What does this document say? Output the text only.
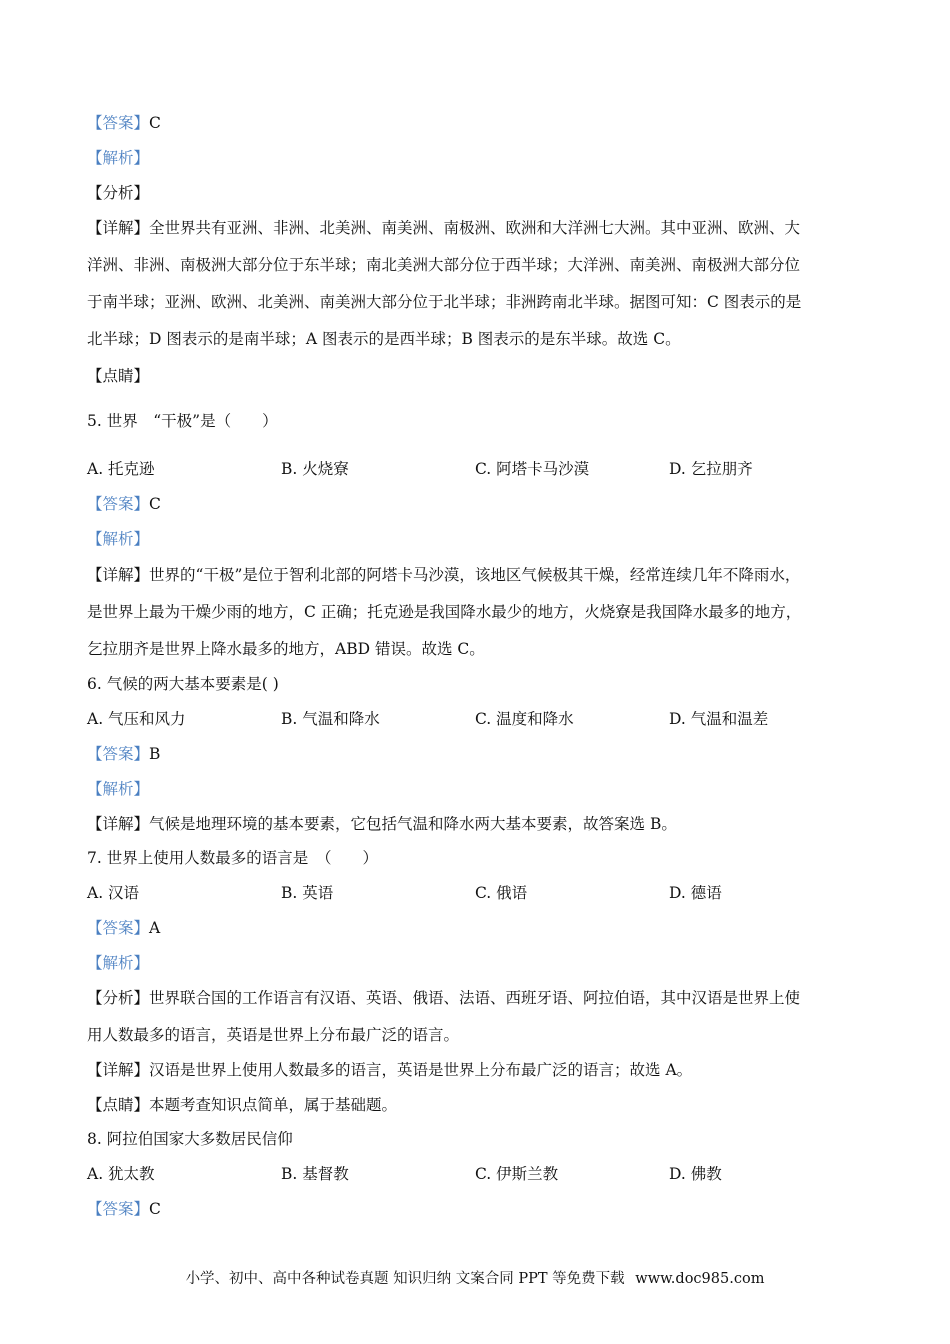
【答案】C
【解析】
【分析】
【详解】全世界共有亚洲、非洲、北美洲、南美洲、南极洲、欧洲和大洋洲七大洲。其中亚洲、欧洲、大
洋洲、非洲、南极洲大部分位于东半球；南北美洲大部分位于西半球；大洋洲、南美洲、南极洲大部分位
于南半球；亚洲、欧洲、北美洲、南美洲大部分位于北半球；非洲跨南北半球。据图可知：C 图表示的是
北半球；D 图表示的是南半球；A 图表示的是西半球；B 图表示的是东半球。故选 C。
【点睛】
5. 世界　“干极”是（　　）
A. 托克逊	B. 火烧寮	C. 阿塔卡马沙漠	D. 乞拉朋齐
【答案】C
【解析】
【详解】世界的“干极”是位于智利北部的阿塔卡马沙漠，该地区气候极其干燥，经常连续几年不降雨水，
是世界上最为干燥少雨的地方，C 正确；托克逊是我国降水最少的地方，火烧寮是我国降水最多的地方，
乞拉朋齐是世界上降水最多的地方，ABD 错误。故选 C。
6. 气候的两大基本要素是( )
A. 气压和风力	B. 气温和降水	C. 温度和降水	D. 气温和温差
【答案】B
【解析】
【详解】气候是地理环境的基本要素，它包括气温和降水两大基本要素，故答案选 B。
7. 世界上使用人数最多的语言是　（　　）
A. 汉语	B. 英语	C. 俄语	D. 德语
【答案】A
【解析】
【分析】世界联合国的工作语言有汉语、英语、俄语、法语、西班牙语、阿拉伯语，其中汉语是世界上使
用人数最多的语言，英语是世界上分布最广泛的语言。
【详解】汉语是世界上使用人数最多的语言，英语是世界上分布最广泛的语言；故选 A。
【点睛】本题考查知识点简单，属于基础题。
8. 阿拉伯国家大多数居民信仰
A. 犹太教	B. 基督教	C. 伊斯兰教	D. 佛教
【答案】C
小学、初中、高中各种试卷真题 知识归纳 文案合同 PPT 等免费下载 www.doc985.com
